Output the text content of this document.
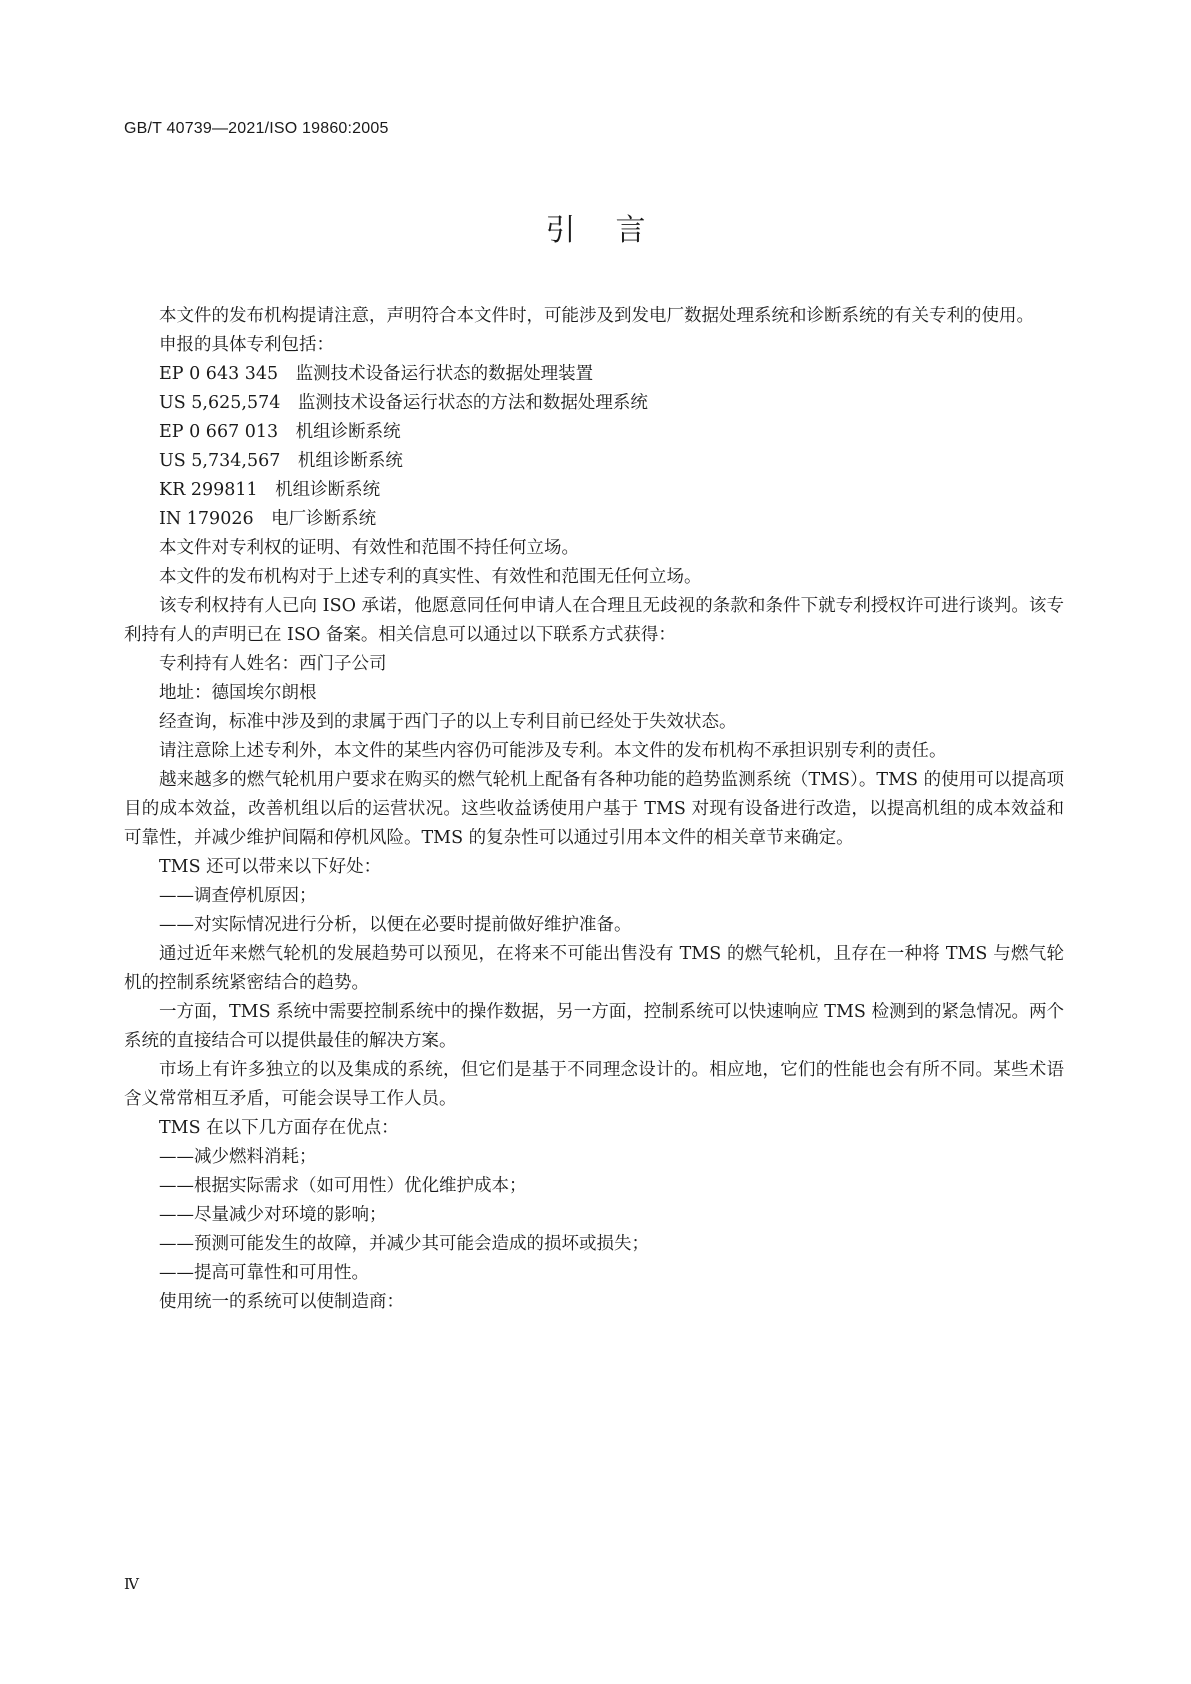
GB/T 40739—2021/ISO 19860:2005
引言

本文件的发布机构提请注意，声明符合本文件时，可能涉及到发电厂数据处理系统和诊断系统的有关专利的使用。

申报的具体专利包括：

EP 0 643 345　监测技术设备运行状态的数据处理装置

US 5,625,574　监测技术设备运行状态的方法和数据处理系统

EP 0 667 013　机组诊断系统

US 5,734,567　机组诊断系统

KR 299811　机组诊断系统

IN 179026　电厂诊断系统

本文件对专利权的证明、有效性和范围不持任何立场。

本文件的发布机构对于上述专利的真实性、有效性和范围无任何立场。

该专利权持有人已向 ISO 承诺，他愿意同任何申请人在合理且无歧视的条款和条件下就专利授权许可进行谈判。该专利持有人的声明已在 ISO 备案。相关信息可以通过以下联系方式获得：

专利持有人姓名：西门子公司

地址：德国埃尔朗根

经查询，标准中涉及到的隶属于西门子的以上专利目前已经处于失效状态。

请注意除上述专利外，本文件的某些内容仍可能涉及专利。本文件的发布机构不承担识别专利的责任。

越来越多的燃气轮机用户要求在购买的燃气轮机上配备有各种功能的趋势监测系统（TMS）。TMS 的使用可以提高项目的成本效益，改善机组以后的运营状况。这些收益诱使用户基于 TMS 对现有设备进行改造，以提高机组的成本效益和可靠性，并减少维护间隔和停机风险。TMS 的复杂性可以通过引用本文件的相关章节来确定。

TMS 还可以带来以下好处：

——调查停机原因；

——对实际情况进行分析，以便在必要时提前做好维护准备。

通过近年来燃气轮机的发展趋势可以预见，在将来不可能出售没有 TMS 的燃气轮机，且存在一种将 TMS 与燃气轮机的控制系统紧密结合的趋势。

一方面，TMS 系统中需要控制系统中的操作数据，另一方面，控制系统可以快速响应 TMS 检测到的紧急情况。两个系统的直接结合可以提供最佳的解决方案。

市场上有许多独立的以及集成的系统，但它们是基于不同理念设计的。相应地，它们的性能也会有所不同。某些术语含义常常相互矛盾，可能会误导工作人员。

TMS 在以下几方面存在优点：

——减少燃料消耗；

——根据实际需求（如可用性）优化维护成本；

——尽量减少对环境的影响；

——预测可能发生的故障，并减少其可能会造成的损坏或损失；

——提高可靠性和可用性。

使用统一的系统可以使制造商：

Ⅳ
